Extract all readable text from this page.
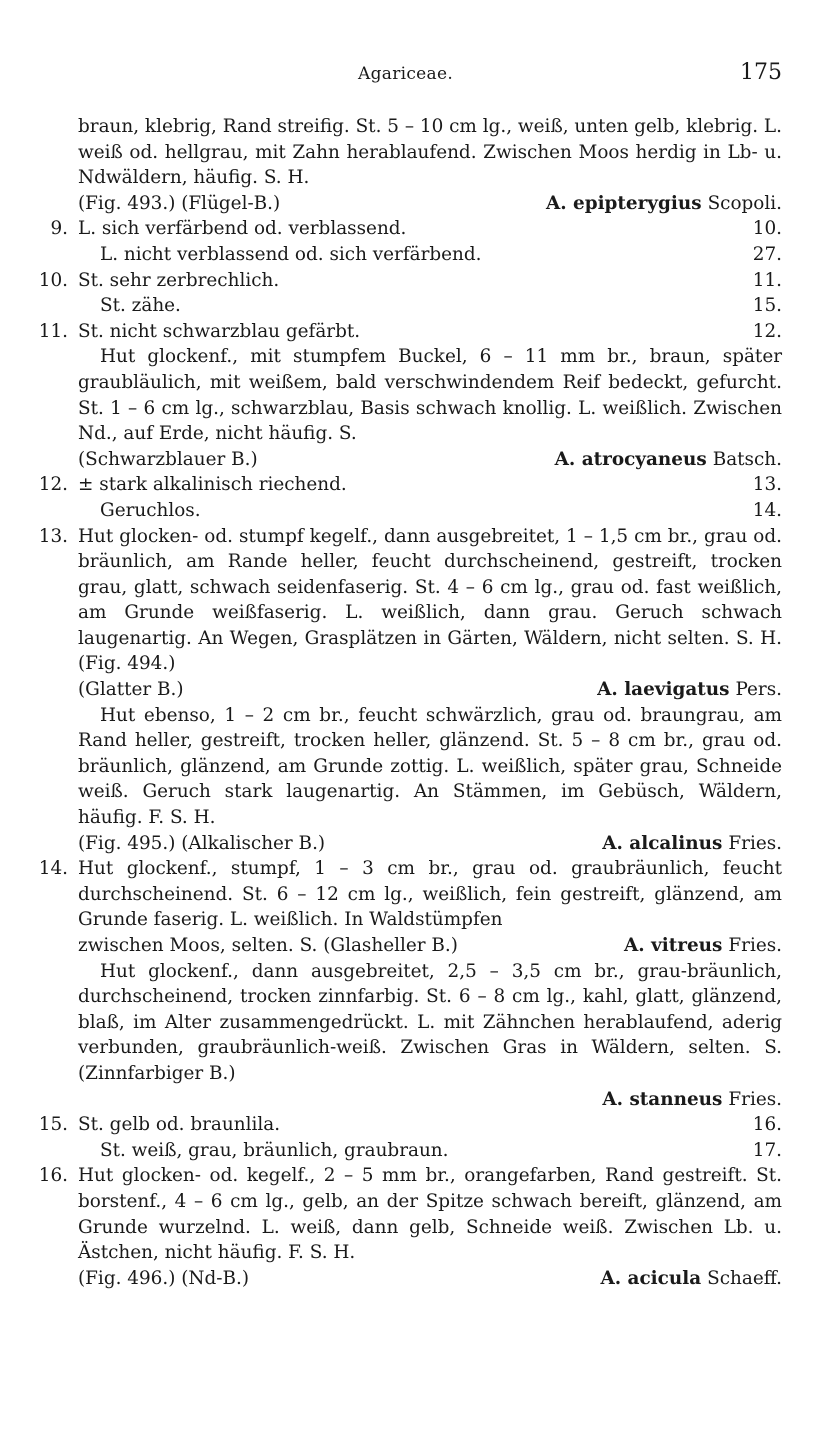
Agariceae.	175
braun, klebrig, Rand streifig. St. 5 – 10 cm lg., weiß, unten gelb, klebrig. L. weiß od. hellgrau, mit Zahn herablaufend. Zwischen Moos herdig in Lb- u. Ndwäldern, häufig. S. H.
(Fig. 493.) (Flügel-B.)	A. epipterygius Scopoli.
9. L. sich verfärbend od. verblassend.	10.
L. nicht verblassend od. sich verfärbend.	27.
10. St. sehr zerbrechlich.	11.
St. zähe.	15.
11. St. nicht schwarzblau gefärbt.	12.
Hut glockenf., mit stumpfem Buckel, 6 – 11 mm br., braun, später graubläulich, mit weißem, bald verschwindendem Reif bedeckt, gefurcht. St. 1 – 6 cm lg., schwarzblau, Basis schwach knollig. L. weißlich. Zwischen Nd., auf Erde, nicht häufig. S.
(Schwarzblauer B.)	A. atrocyaneus Batsch.
12. ± stark alkalinisch riechend.	13.
Geruchlos.	14.
13. Hut glocken- od. stumpf kegelf., dann ausgebreitet, 1 – 1,5 cm br., grau od. bräunlich, am Rande heller, feucht durchscheinend, gestreift, trocken grau, glatt, schwach seidenfaserig. St. 4 – 6 cm lg., grau od. fast weißlich, am Grunde weißfaserig. L. weißlich, dann grau. Geruch schwach laugenartig. An Wegen, Grasplätzen in Gärten, Wäldern, nicht selten. S. H. (Fig. 494.)
(Glatter B.)	A. laevigatus Pers.
Hut ebenso, 1 – 2 cm br., feucht schwärzlich, grau od. braungrau, am Rand heller, gestreift, trocken heller, glänzend. St. 5 – 8 cm br., grau od. bräunlich, glänzend, am Grunde zottig. L. weißlich, später grau, Schneide weiß. Geruch stark laugenartig. An Stämmen, im Gebüsch, Wäldern, häufig. F. S. H.
(Fig. 495.) (Alkalischer B.)	A. alcalinus Fries.
14. Hut glockenf., stumpf, 1 – 3 cm br., grau od. graubräunlich, feucht durchscheinend. St. 6 – 12 cm lg., weißlich, fein gestreift, glänzend, am Grunde faserig. L. weißlich. In Waldstümpfen
zwischen Moos, selten. S. (Glasheller B.)	A. vitreus Fries.
Hut glockenf., dann ausgebreitet, 2,5 – 3,5 cm br., grau-bräunlich, durchscheinend, trocken zinnfarbig. St. 6 – 8 cm lg., kahl, glatt, glänzend, blaß, im Alter zusammengedrückt. L. mit Zähnchen herablaufend, aderig verbunden, graubräunlich-weiß. Zwischen Gras in Wäldern, selten. S. (Zinnfarbiger B.)
A. stanneus Fries.
15. St. gelb od. braunlila.	16.
St. weiß, grau, bräunlich, graubraun.	17.
16. Hut glocken- od. kegelf., 2 – 5 mm br., orangefarben, Rand gestreift. St. borstenf., 4 – 6 cm lg., gelb, an der Spitze schwach bereift, glänzend, am Grunde wurzelnd. L. weiß, dann gelb, Schneide weiß. Zwischen Lb. u. Ästchen, nicht häufig. F. S. H.
(Fig. 496.) (Nd-B.)	A. acicula Schaeff.
